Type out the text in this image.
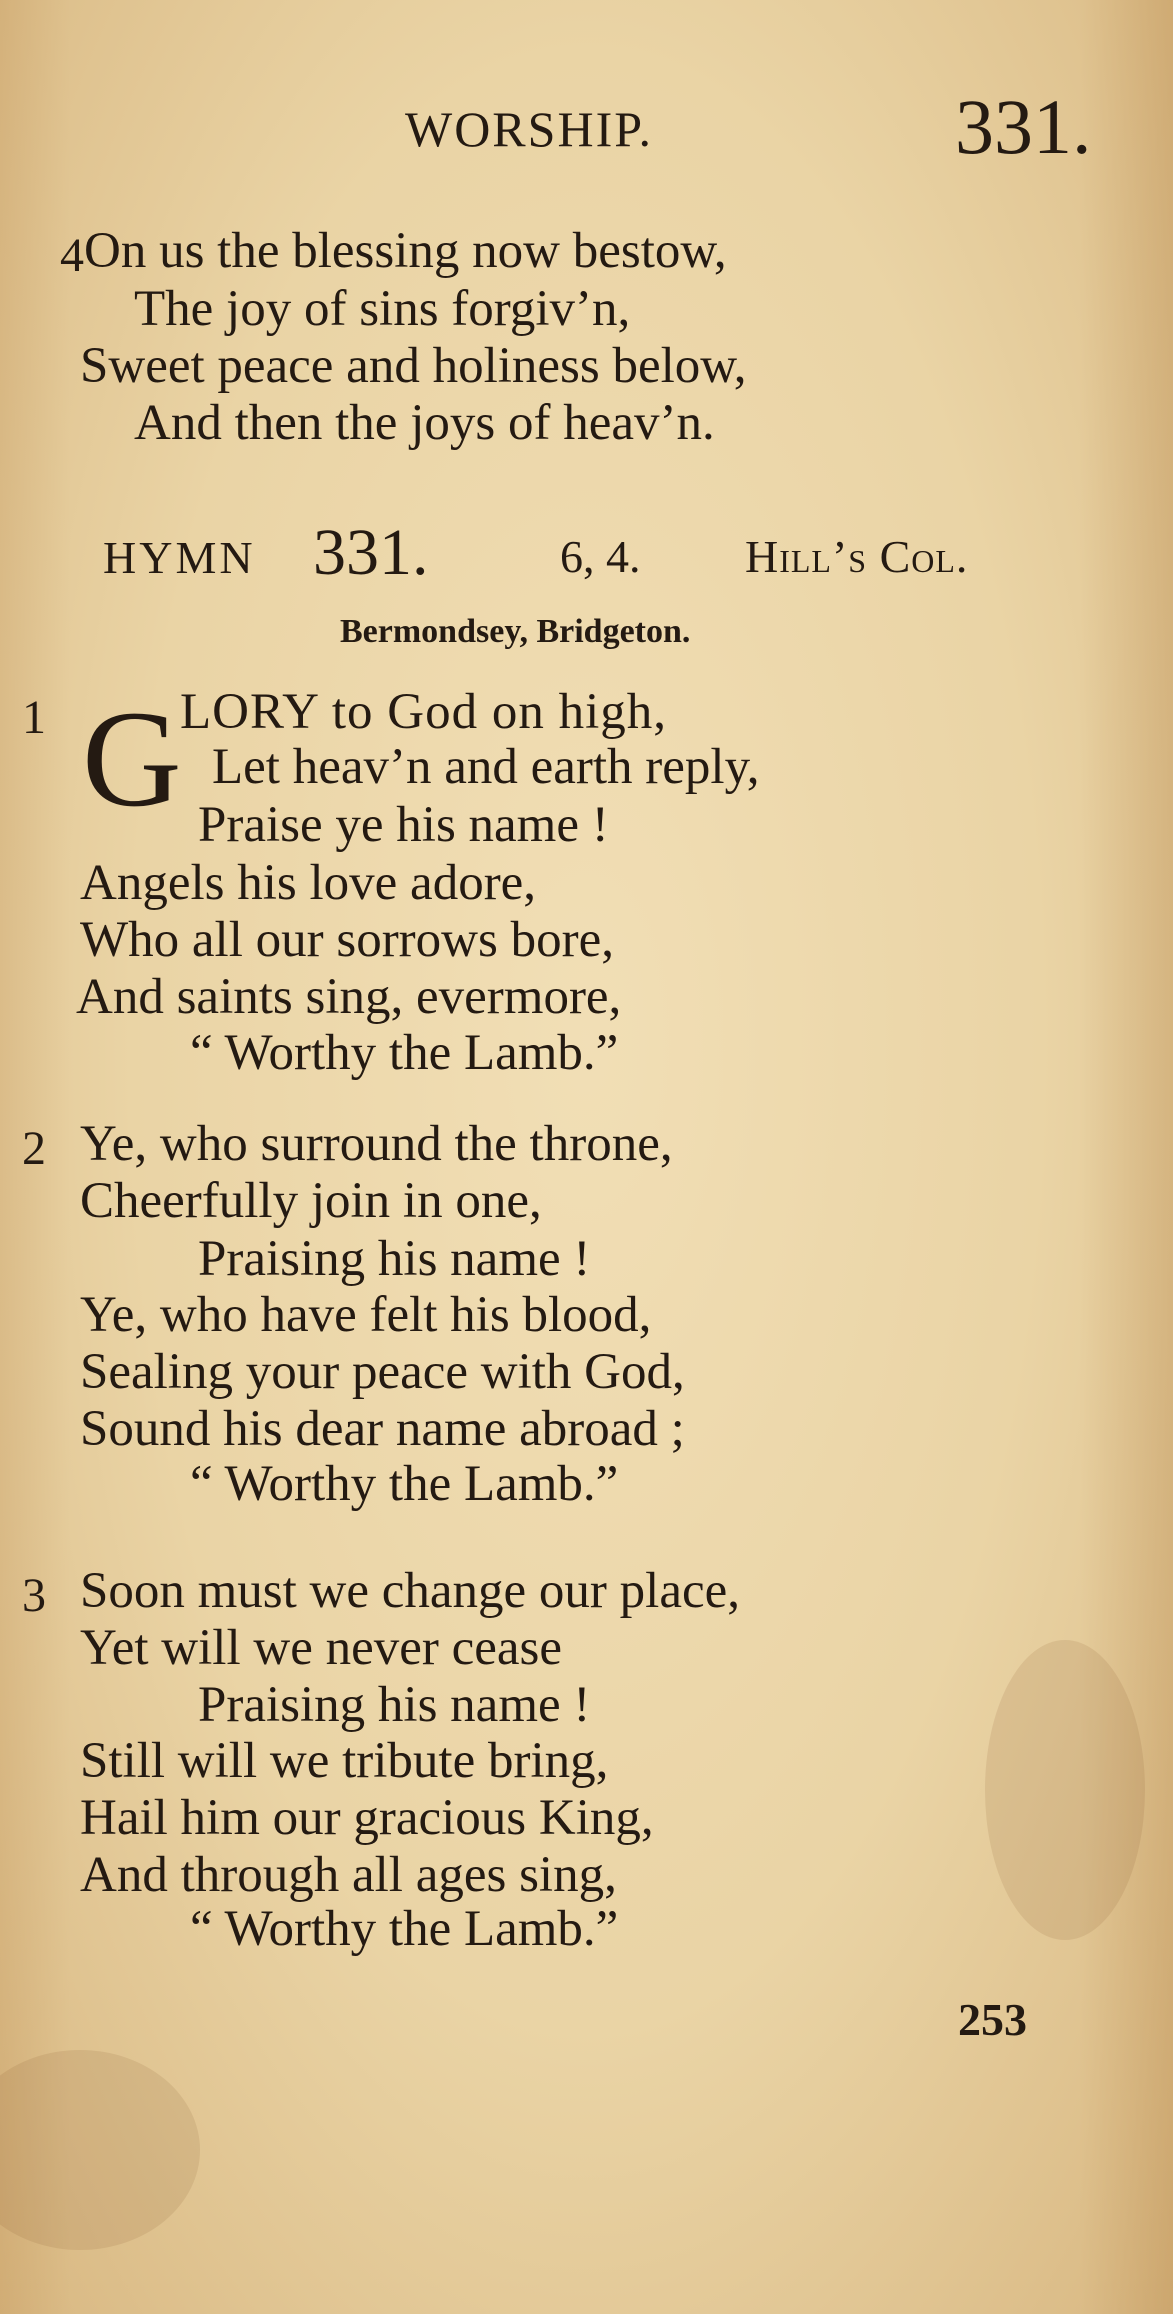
WORSHIP.	331.
4 On us the blessing now bestow,
The joy of sins forgiv’n,
Sweet peace and holiness below,
And then the joys of heav’n.
HYMN 331.	6, 4. Hill’s Col.
Bermondsey, Bridgeton.
1 G
LORY to God on high,
Let heav’n and earth reply,
Praise ye his name !
Angels his love adore,
Who all our sorrows bore,
And saints sing, evermore,
“ Worthy the Lamb.”
2 Ye, who surround the throne,
Cheerfully join in one,
Praising his name !
Ye, who have felt his blood,
Sealing your peace with God,
Sound his dear name abroad ;
“ Worthy the Lamb.”
3 Soon must we change our place,
Yet will we never cease
Praising his name !
Still will we tribute bring,
Hail him our gracious King,
And through all ages sing,
“ Worthy the Lamb.”
253
